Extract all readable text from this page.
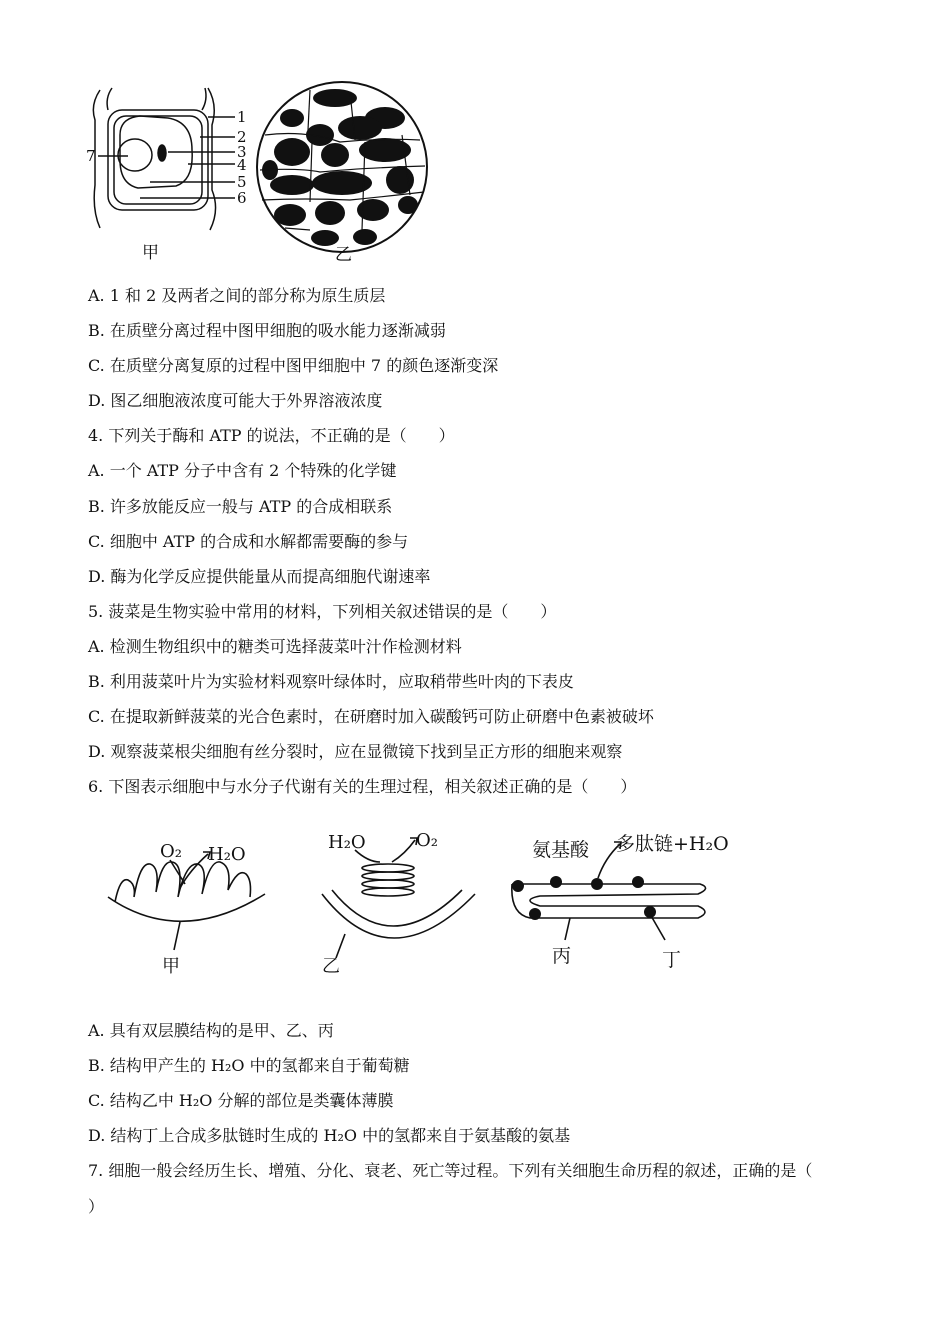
1
2
3
4
5
6
7
甲	乙
A. 1 和 2 及两者之间的部分称为原生质层
B. 在质壁分离过程中图甲细胞的吸水能力逐渐减弱
C. 在质壁分离复原的过程中图甲细胞中 7 的颜色逐渐变深
D. 图乙细胞液浓度可能大于外界溶液浓度
4. 下列关于酶和 ATP 的说法，不正确的是（　　）
A. 一个 ATP 分子中含有 2 个特殊的化学键
B. 许多放能反应一般与 ATP 的合成相联系
C. 细胞中 ATP 的合成和水解都需要酶的参与
D. 酶为化学反应提供能量从而提高细胞代谢速率
5. 菠菜是生物实验中常用的材料，下列相关叙述错误的是（　　）
A. 检测生物组织中的糖类可选择菠菜叶汁作检测材料
B. 利用菠菜叶片为实验材料观察叶绿体时，应取稍带些叶肉的下表皮
C. 在提取新鲜菠菜的光合色素时，在研磨时加入碳酸钙可防止研磨中色素被破坏
D. 观察菠菜根尖细胞有丝分裂时，应在显微镜下找到呈正方形的细胞来观察
6. 下图表示细胞中与水分子代谢有关的生理过程，相关叙述正确的是（　　）
O₂ H₂O
甲
H₂O	O₂
乙
氨基酸 多肽链+H₂O
丙	丁
A. 具有双层膜结构的是甲、乙、丙
B. 结构甲产生的 H₂O 中的氢都来自于葡萄糖
C. 结构乙中 H₂O 分解的部位是类囊体薄膜
D. 结构丁上合成多肽链时生成的 H₂O 中的氢都来自于氨基酸的氨基
7. 细胞一般会经历生长、增殖、分化、衰老、死亡等过程。下列有关细胞生命历程的叙述，正确的是（
）
